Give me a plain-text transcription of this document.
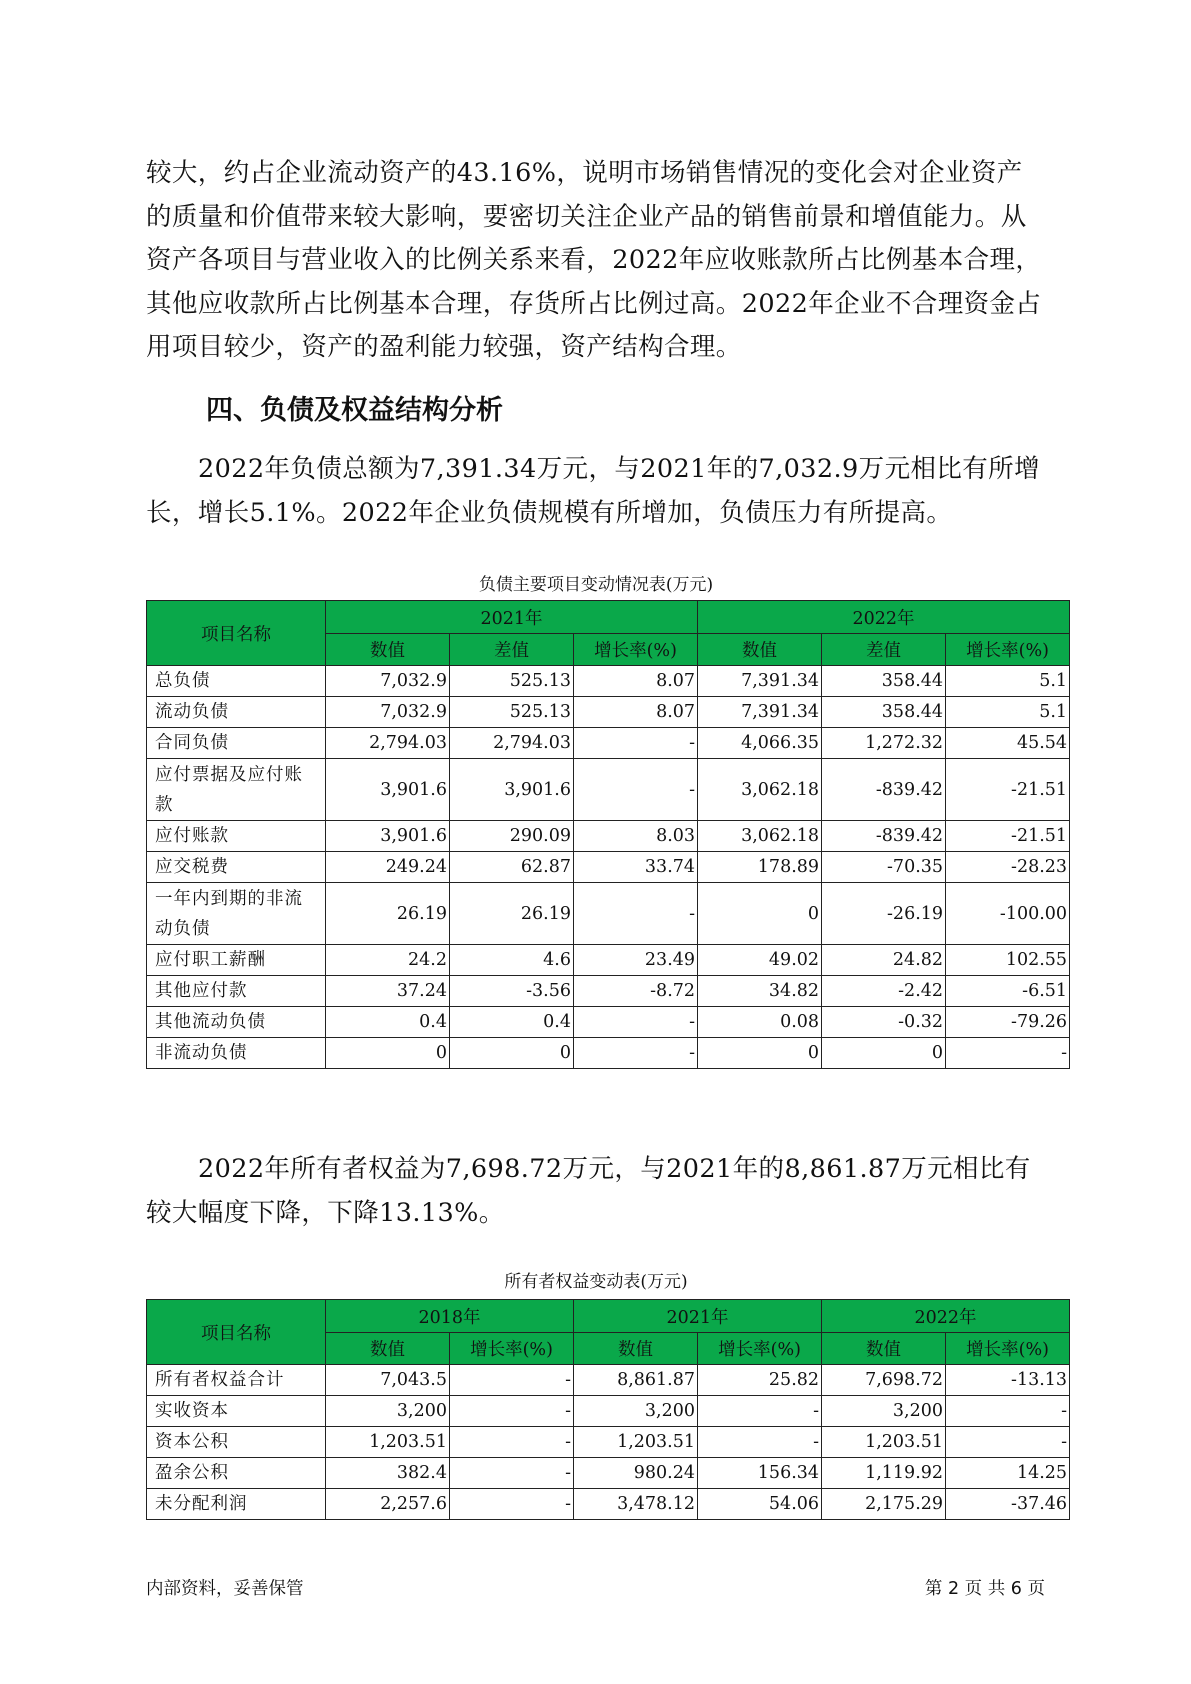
较大，约占企业流动资产的43.16%，说明市场销售情况的变化会对企业资产的质量和价值带来较大影响，要密切关注企业产品的销售前景和增值能力。从资产各项目与营业收入的比例关系来看，2022年应收账款所占比例基本合理，其他应收款所占比例基本合理，存货所占比例过高。2022年企业不合理资金占用项目较少，资产的盈利能力较强，资产结构合理。

四、负债及权益结构分析

2022年负债总额为7,391.34万元，与2021年的7,032.9万元相比有所增长，增长5.1%。2022年企业负债规模有所增加，负债压力有所提高。

负债主要项目变动情况表(万元)

项目名称	2021年			2022年		
	数值	差值	增长率(%)	数值	差值	增长率(%)
总负债	7,032.9	525.13	8.07	7,391.34	358.44	5.1
流动负债	7,032.9	525.13	8.07	7,391.34	358.44	5.1
合同负债	2,794.03	2,794.03	-	4,066.35	1,272.32	45.54
应付票据及应付账款	3,901.6	3,901.6	-	3,062.18	-839.42	-21.51
应付账款	3,901.6	290.09	8.03	3,062.18	-839.42	-21.51
应交税费	249.24	62.87	33.74	178.89	-70.35	-28.23
一年内到期的非流动负债	26.19	26.19	-	0	-26.19	-100.00
应付职工薪酬	24.2	4.6	23.49	49.02	24.82	102.55
其他应付款	37.24	-3.56	-8.72	34.82	-2.42	-6.51
其他流动负债	0.4	0.4	-	0.08	-0.32	-79.26
非流动负债	0	0	-	0	0	-

2022年所有者权益为7,698.72万元，与2021年的8,861.87万元相比有较大幅度下降，下降13.13%。

所有者权益变动表(万元)

项目名称	2018年		2021年		2022年	
	数值	增长率(%)	数值	增长率(%)	数值	增长率(%)
所有者权益合计	7,043.5	-	8,861.87	25.82	7,698.72	-13.13
实收资本	3,200	-	3,200	-	3,200	-
资本公积	1,203.51	-	1,203.51	-	1,203.51	-
盈余公积	382.4	-	980.24	156.34	1,119.92	14.25
未分配利润	2,257.6	-	3,478.12	54.06	2,175.29	-37.46

内部资料，妥善保管	第 2 页 共 6 页
